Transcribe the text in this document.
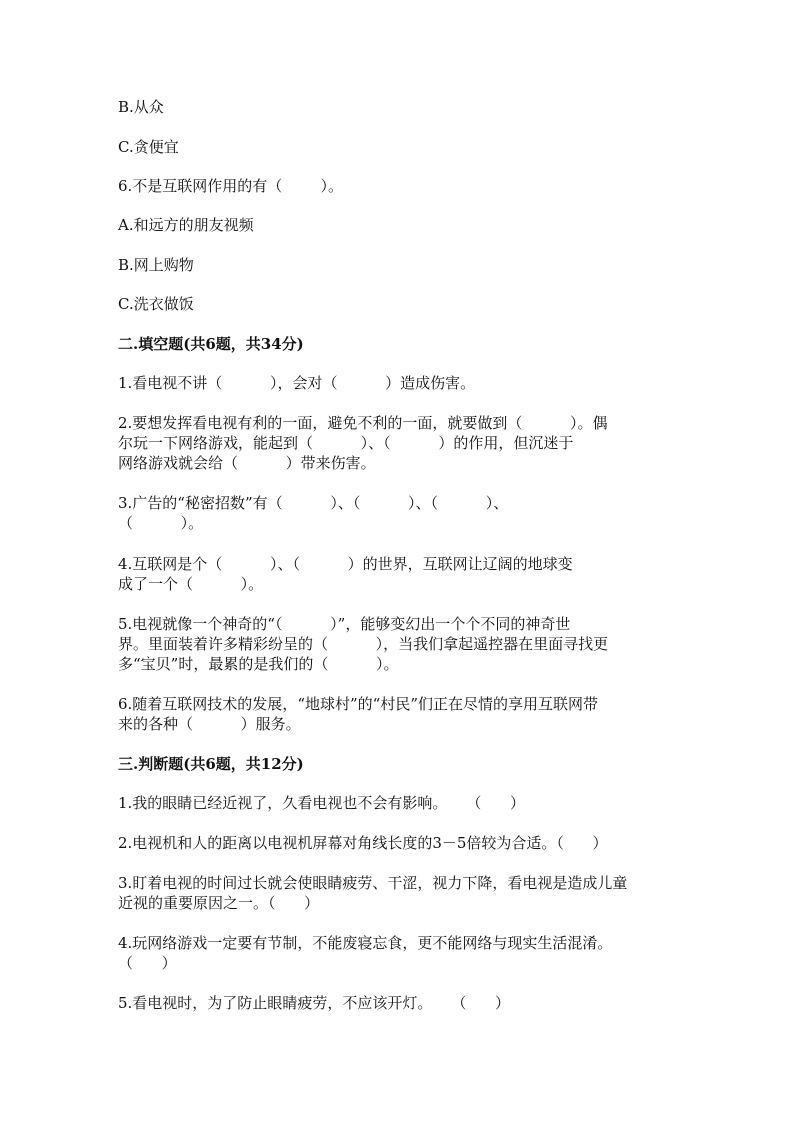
B.从众
C.贪便宜
6.不是互联网作用的有（        ）。
A.和远方的朋友视频
B.网上购物
C.洗衣做饭
二.填空题(共6题，共34分)
1.看电视不讲（          ），会对（          ）造成伤害。
2.要想发挥看电视有利的一面，避免不利的一面，就要做到（          ）。偶
尔玩一下网络游戏，能起到（          ）、（          ）的作用，但沉迷于
网络游戏就会给（          ）带来伤害。
3.广告的“秘密招数”有（          ）、（          ）、（          ）、
（          ）。
4.互联网是个（          ）、（          ）的世界，互联网让辽阔的地球变
成了一个（          ）。
5.电视就像一个神奇的“（          ）”，能够变幻出一个个不同的神奇世
界。里面装着许多精彩纷呈的（          ），当我们拿起遥控器在里面寻找更
多“宝贝”时，最累的是我们的（          ）。
6.随着互联网技术的发展，“地球村”的“村民”们正在尽情的享用互联网带
来的各种（          ）服务。
三.判断题(共6题，共12分)
1.我的眼睛已经近视了，久看电视也不会有影响。    （      ）
2.电视机和人的距离以电视机屏幕对角线长度的3－5倍较为合适。（      ）
3.盯着电视的时间过长就会使眼睛疲劳、干涩，视力下降，看电视是造成儿童
近视的重要原因之一。（      ）
4.玩网络游戏一定要有节制，不能废寝忘食，更不能网络与现实生活混淆。
（      ）
5.看电视时，为了防止眼睛疲劳，不应该开灯。    （      ）
